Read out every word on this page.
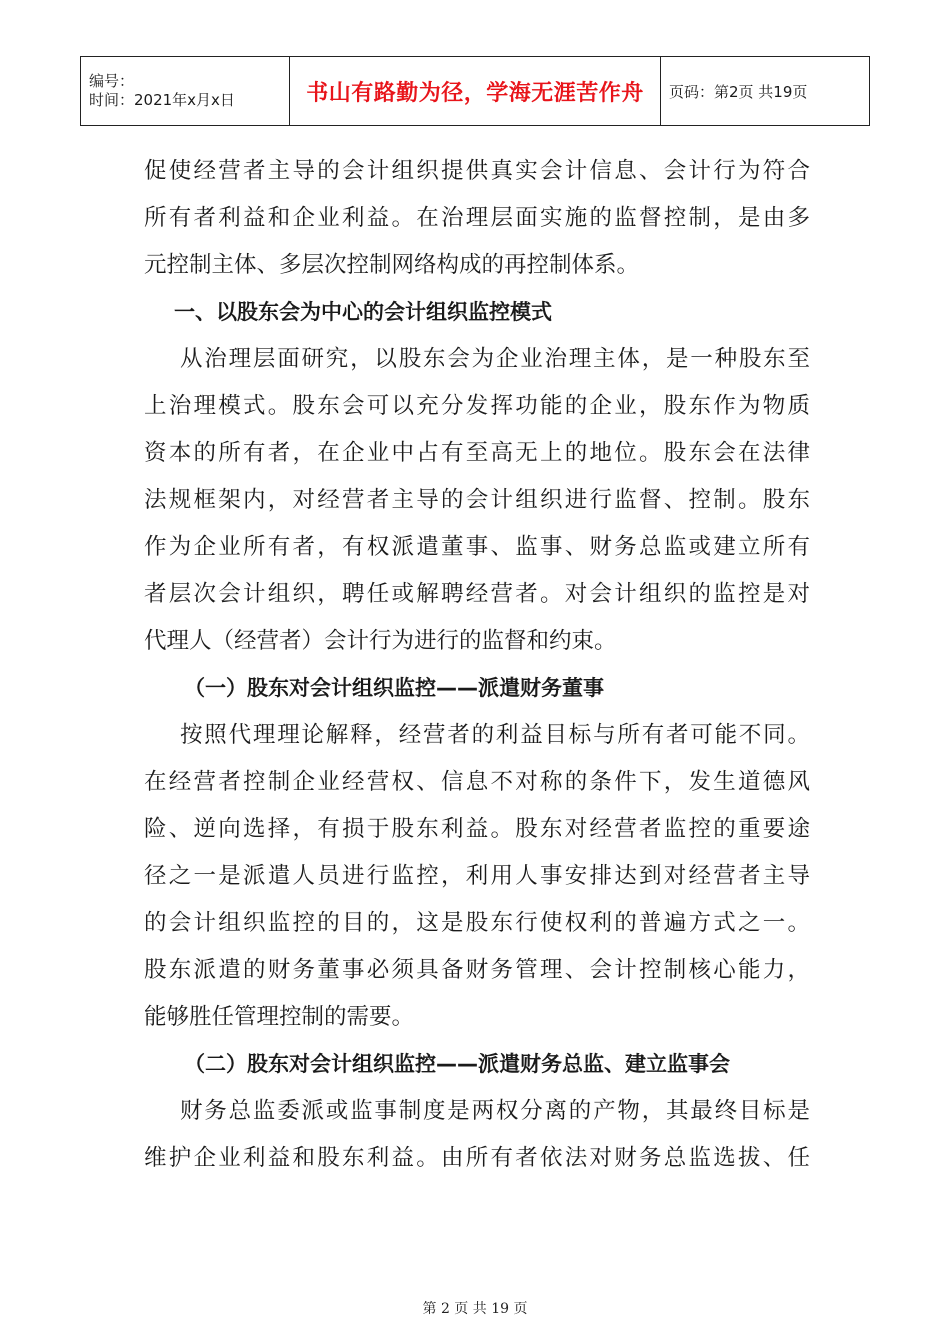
编号：
时间：2021年x月x日	书山有路勤为径，学海无涯苦作舟	页码：第2页 共19页
促使经营者主导的会计组织提供真实会计信息、会计行为符合
所有者利益和企业利益。在治理层面实施的监督控制，是由多
元控制主体、多层次控制网络构成的再控制体系。
一、以股东会为中心的会计组织监控模式
从治理层面研究，以股东会为企业治理主体，是一种股东至
上治理模式。股东会可以充分发挥功能的企业，股东作为物质
资本的所有者，在企业中占有至高无上的地位。股东会在法律
法规框架内，对经营者主导的会计组织进行监督、控制。股东
作为企业所有者，有权派遣董事、监事、财务总监或建立所有
者层次会计组织，聘任或解聘经营者。对会计组织的监控是对
代理人（经营者）会计行为进行的监督和约束。
（一）股东对会计组织监控——派遣财务董事
按照代理理论解释，经营者的利益目标与所有者可能不同。
在经营者控制企业经营权、信息不对称的条件下，发生道德风
险、逆向选择，有损于股东利益。股东对经营者监控的重要途
径之一是派遣人员进行监控，利用人事安排达到对经营者主导
的会计组织监控的目的，这是股东行使权利的普遍方式之一。
股东派遣的财务董事必须具备财务管理、会计控制核心能力，
能够胜任管理控制的需要。
（二）股东对会计组织监控——派遣财务总监、建立监事会
财务总监委派或监事制度是两权分离的产物，其最终目标是
维护企业利益和股东利益。由所有者依法对财务总监选拔、任
第 2 页 共 19 页
